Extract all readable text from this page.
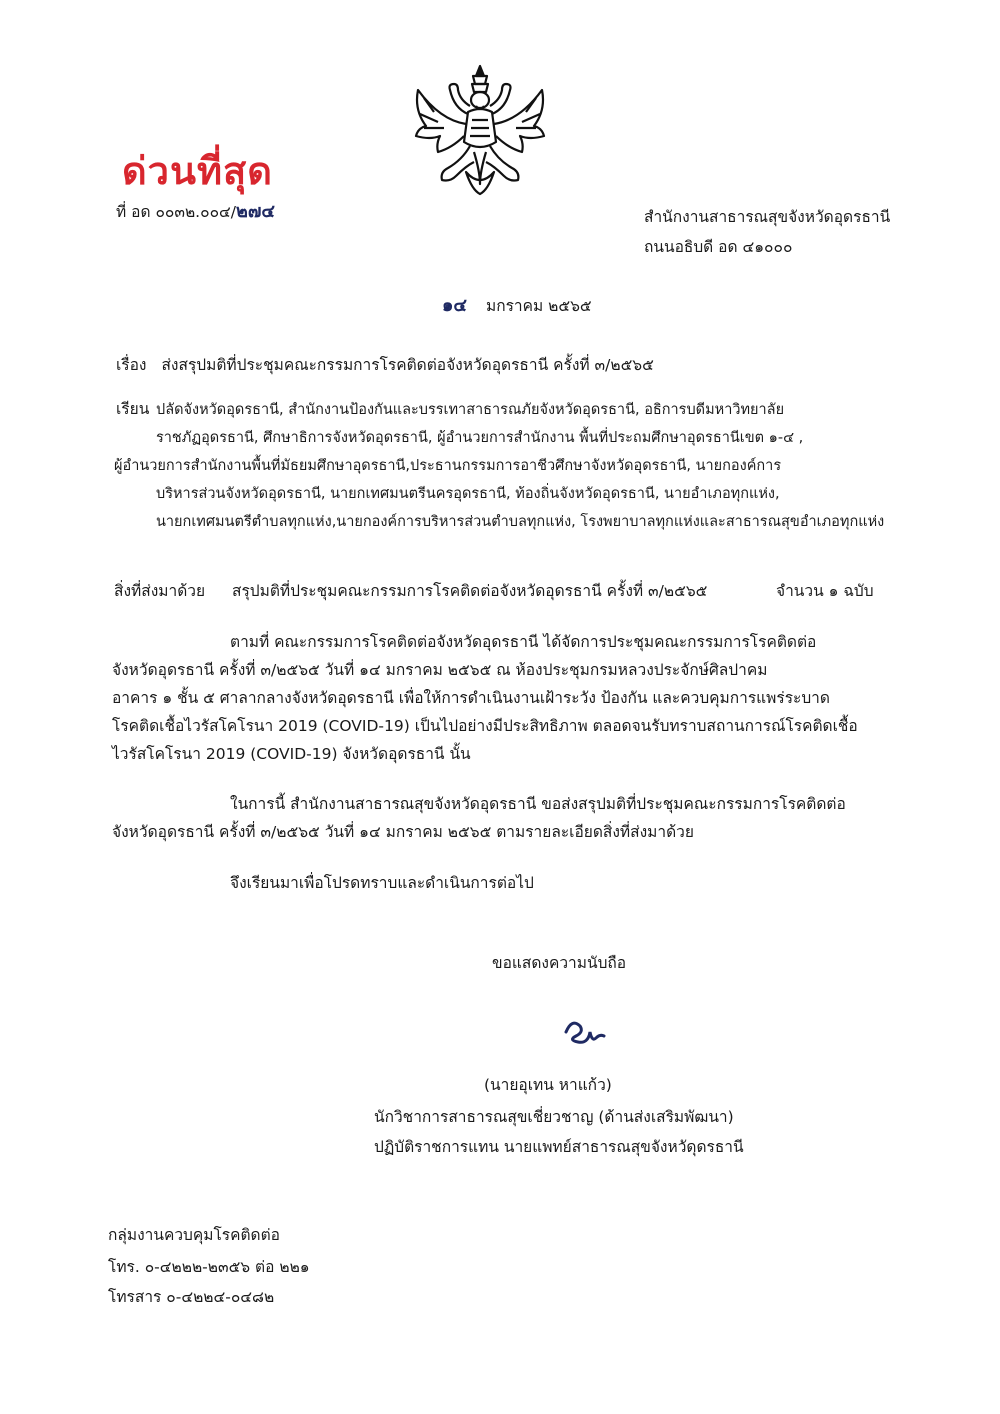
ด่วนที่สุด
ที่ อด ๐๐๓๒.๐๐๔/๒๗๔	สำนักงานสาธารณสุขจังหวัดอุดรธานี
ถนนอธิบดี อด ๔๑๐๐๐
๑๔ มกราคม ๒๕๖๕
เรื่อง ส่งสรุปมติที่ประชุมคณะกรรมการโรคติดต่อจังหวัดอุดรธานี ครั้งที่ ๓/๒๕๖๕
เรียน ปลัดจังหวัดอุดรธานี, สำนักงานป้องกันและบรรเทาสาธารณภัยจังหวัดอุดรธานี, อธิการบดีมหาวิทยาลัย
ราชภัฏอุดรธานี, ศึกษาธิการจังหวัดอุดรธานี, ผู้อำนวยการสำนักงาน พื้นที่ประถมศึกษาอุดรธานีเขต ๑-๔ ,
ผู้อำนวยการสำนักงานพื้นที่มัธยมศึกษาอุดรธานี,ประธานกรรมการอาชีวศึกษาจังหวัดอุดรธานี, นายกองค์การ
บริหารส่วนจังหวัดอุดรธานี, นายกเทศมนตรีนครอุดรธานี, ท้องถิ่นจังหวัดอุดรธานี, นายอำเภอทุกแห่ง,
นายกเทศมนตรีตำบลทุกแห่ง,นายกองค์การบริหารส่วนตำบลทุกแห่ง, โรงพยาบาลทุกแห่งและสาธารณสุขอำเภอทุกแห่ง
สิ่งที่ส่งมาด้วย สรุปมติที่ประชุมคณะกรรมการโรคติดต่อจังหวัดอุดรธานี ครั้งที่ ๓/๒๕๖๕	จำนวน ๑ ฉบับ
ตามที่ คณะกรรมการโรคติดต่อจังหวัดอุดรธานี ได้จัดการประชุมคณะกรรมการโรคติดต่อ
จังหวัดอุดรธานี ครั้งที่ ๓/๒๕๖๕ วันที่ ๑๔ มกราคม ๒๕๖๕ ณ ห้องประชุมกรมหลวงประจักษ์ศิลปาคม
อาคาร ๑ ชั้น ๕ ศาลากลางจังหวัดอุดรธานี เพื่อให้การดำเนินงานเฝ้าระวัง ป้องกัน และควบคุมการแพร่ระบาด
โรคติดเชื้อไวรัสโคโรนา 2019 (COVID-19) เป็นไปอย่างมีประสิทธิภาพ ตลอดจนรับทราบสถานการณ์โรคติดเชื้อ
ไวรัสโคโรนา 2019 (COVID-19) จังหวัดอุดรธานี นั้น
ในการนี้ สำนักงานสาธารณสุขจังหวัดอุดรธานี ขอส่งสรุปมติที่ประชุมคณะกรรมการโรคติดต่อ
จังหวัดอุดรธานี ครั้งที่ ๓/๒๕๖๕ วันที่ ๑๔ มกราคม ๒๕๖๕ ตามรายละเอียดสิ่งที่ส่งมาด้วย
จึงเรียนมาเพื่อโปรดทราบและดำเนินการต่อไป
ขอแสดงความนับถือ
(นายอุเทน หาแก้ว)
นักวิชาการสาธารณสุขเชี่ยวชาญ (ด้านส่งเสริมพัฒนา)
ปฏิบัติราชการแทน นายแพทย์สาธารณสุขจังหวัดุดรธานี
กลุ่มงานควบคุมโรคติดต่อ
โทร. ๐-๔๒๒๒-๒๓๕๖ ต่อ ๒๒๑
โทรสาร ๐-๔๒๒๔-๐๔๘๒
